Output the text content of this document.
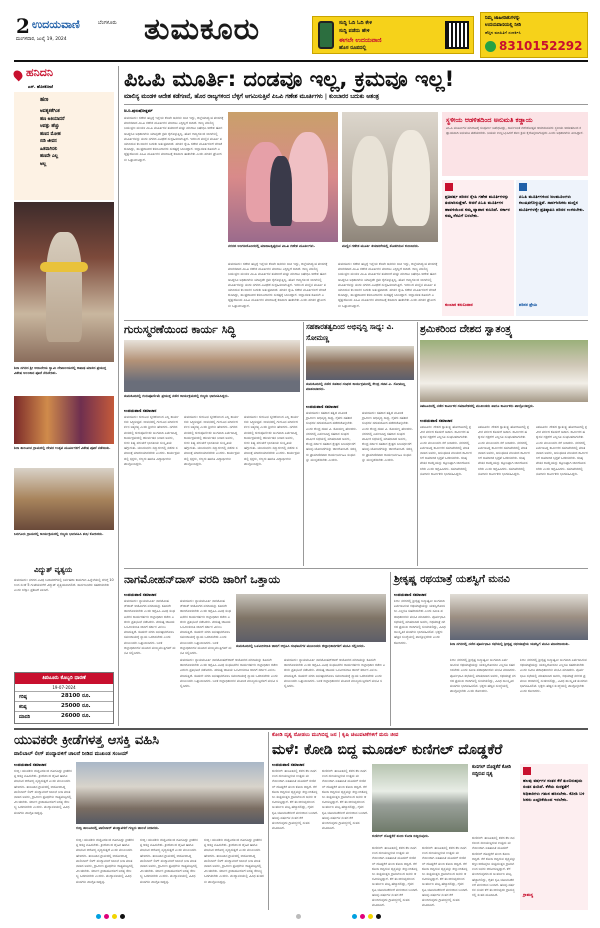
2 ಉದಯವಾಣಿ	ಬೆಂಗಳೂರು
ಮಂಗಳವಾರ, ಜುಲೈ 19, 2024	ತುಮಕೂರು	ಸುದ್ದಿ ಓದಿ ಓದಿ ಕೇಳಿ
ಸುದ್ದಿ ಪಡೆದು ಹೇಳಿ
ಈಗಲೇ ಉದಯವಾಣಿ
ಹೊಸ ರೂಪದಲ್ಲಿ
ನಿಮ್ಮ ಜಾಹೀರಾತುಗಳನ್ನು
ಉದಯವಾಣಿಯಲ್ಲಿ ನೀಡಿ
ಹೆಚ್ಚಿನ ಮಾಹಿತಿಗೆ ಸಂಪರ್ಕಿಸಿ
8310152292
ಹನಿದನಿ
ಎಸ್. ಹೊಸಕೋಟೆ
ಹಣ
ಅವಶ್ಯಕತೆಗಿಂತ
ಹಣ ಅತಿಯಾದರೆ
ಆಪತ್ತು ಹೆಚ್ಚು
ಹಣದ ಮೋಹ
ಬಿಡಿ ಜೀವನ
ಹಿತವಾಗಿರಲಿ
ಹಣವೇ ಎಲ್ಲ
ಅಲ್ಲ
ಶಿರಾ ನಗರದ ಶ್ರೀ ಆಂಜನೇಯ ಸ್ವಾಮಿ ದೇವಾಲಯದಲ್ಲಿ ಆಷಾಢ ಮಾಸದ ಪ್ರಯುಕ್ತ ವಿಶೇಷ ಅಲಂಕಾರ ಪೂಜೆ ನೆರವೇರಿತು.
ಶಿರಾ ತಾಲೂಕಿನ ಗ್ರಾಮದಲ್ಲಿ ದೇವರ ಉತ್ಸವ ಮೂರ್ತಿಗಳಿಗೆ ವಿಶೇಷ ಪೂಜೆ ನಡೆಯಿತು.
ಬರಗೂರು ಗ್ರಾಮದಲ್ಲಿ ಕಾರ್ಯಕ್ರಮದಲ್ಲಿ ಗಣ್ಯರು ಭಾಗವಹಿಸಿ ಶುಭ ಕೋರಿದರು.
ವಿದ್ಯುತ್ ವ್ಯತ್ಯಯ
ತುಮಕೂರು: ನಗರದ ವಿವಿಧ ಬಡಾವಣೆಗಳಲ್ಲಿ ನಿರ್ವಹಣಾ ಕಾಮಗಾರಿ ಹಿನ್ನೆಲೆಯಲ್ಲಿ ಬೆಳಗ್ಗೆ 10 ರಿಂದ ಸಂಜೆ 5 ಗಂಟೆಯವರೆಗೆ ವಿದ್ಯುತ್ ವ್ಯತ್ಯಯವಾಗಲಿದೆ. ಸಾರ್ವಜನಿಕರು ಸಹಕರಿಸಬೇಕು ಎಂದು ಬೆಸ್ಕಾಂ ಪ್ರಕಟಣೆ ತಿಳಿಸಿದೆ.
ತಿಪಟೂರು ಕೊಬ್ಬರಿ ಧಾರಣೆ
19-07-2024
ಗರಿಷ್ಠ	28100 ರೂ.
ಕನಿಷ್ಠ	25000 ರೂ.
ಮಾದರಿ	26000 ರೂ.
ಪಿಒಪಿ ಮೂರ್ತಿ: ದಂಡವೂ ಇಲ್ಲ, ಕ್ರಮವೂ ಇಲ್ಲ!
ಮಾಲಿನ್ಯ ಮಂಡಳಿ ಆದೇಶ ಕಡೆಗಣನೆ, ಹೊರ ರಾಜ್ಯಗಳಿಂದ ಬೆಳ್ಳಿಗೆ ಆಗಮಿಸುತ್ತಿವೆ ಪಿಒಪಿ ಗಣೇಶ ಮೂರ್ತಿಗಳು | ಕುಂಬಾರರ ಬದುಕು ಅತಂತ್ರ
ಚಿ.ನಿ.ಪುರುಷೋತ್ತಮ್
ತುಮಕೂರು: ಗಣೇಶ ಹಬ್ಬಕ್ಕೆ ಇನ್ನೇನು ಕೆಲವೇ ದಿನಗಳು ಬಾಕಿ ಇದ್ದು, ಜಿಲ್ಲೆಯಾದ್ಯಂತ ಪರಿಸರಕ್ಕೆ ಮಾರಕವಾದ ಪಿಒಪಿ ಗಣೇಶ ಮೂರ್ತಿಗಳ ಮಾರಾಟ ಎಗ್ಗಿಲ್ಲದೆ ಸಾಗಿದೆ. ರಾಜ್ಯ ಮಾಲಿನ್ಯ ನಿಯಂತ್ರಣ ಮಂಡಳಿ ಪಿಒಪಿ ಮೂರ್ತಿಗಳ ತಯಾರಿಕೆ ಮತ್ತು ಮಾರಾಟ ನಿಷೇಧಿಸಿ ಆದೇಶ ಹೊರಡಿಸಿದ್ದರೂ ಅಧಿಕಾರಿಗಳು ಯಾವುದೇ ಕ್ರಮ ಕೈಗೊಳ್ಳುತ್ತಿಲ್ಲ. ಹೊರ ರಾಜ್ಯಗಳಿಂದ ಲಾರಿಗಳಲ್ಲಿ ಮೂರ್ತಿಗಳನ್ನು ತಂದು ನಗರದ ವಿವಿಧೆಡೆ ಸಂಗ್ರಹಿಸಲಾಗುತ್ತಿದೆ. ಇದರಿಂದ ಮಣ್ಣಿನ ಮೂರ್ತಿ ತಯಾರಿಸುವ ಕುಂಬಾರರ ಬದುಕು ಅತಂತ್ರವಾಗಿದೆ. ಪರಿಸರ ಸ್ನೇಹಿ ಗಣೇಶ ಮೂರ್ತಿಗಳಿಗೆ ಬೇಡಿಕೆ ಕುಸಿದಿದ್ದು, ಸಾಂಪ್ರದಾಯಿಕ ಕಸುಬುದಾರರು ಸಂಕಷ್ಟಕ್ಕೆ ಸಿಲುಕಿದ್ದಾರೆ. ಜಿಲ್ಲಾಡಳಿತ ಕೂಡಲೇ ಎಚ್ಚೆತ್ತುಕೊಂಡು ಪಿಒಪಿ ಮೂರ್ತಿಗಳ ಮಾರಾಟಕ್ಕೆ ಕಡಿವಾಣ ಹಾಕಬೇಕು ಎಂದು ಪರಿಸರ ಪ್ರೇಮಿಗಳು ಒತ್ತಾಯಿಸಿದ್ದಾರೆ.
ನಗರದ ಅಂಗಡಿಯೊಂದರಲ್ಲಿ ಮಾರಾಟಕ್ಕಿಟ್ಟಿರುವ ಪಿಒಪಿ ಗಣೇಶ ಮೂರ್ತಿಗಳು.	ಮಣ್ಣಿನ ಗಣೇಶ ಮೂರ್ತಿ ತಯಾರಿಕೆಯಲ್ಲಿ ತೊಡಗಿರುವ ಕುಂಬಾರರು.
ತುಮಕೂರು: ಗಣೇಶ ಹಬ್ಬಕ್ಕೆ ಇನ್ನೇನು ಕೆಲವೇ ದಿನಗಳು ಬಾಕಿ ಇದ್ದು, ಜಿಲ್ಲೆಯಾದ್ಯಂತ ಪರಿಸರಕ್ಕೆ ಮಾರಕವಾದ ಪಿಒಪಿ ಗಣೇಶ ಮೂರ್ತಿಗಳ ಮಾರಾಟ ಎಗ್ಗಿಲ್ಲದೆ ಸಾಗಿದೆ. ರಾಜ್ಯ ಮಾಲಿನ್ಯ ನಿಯಂತ್ರಣ ಮಂಡಳಿ ಪಿಒಪಿ ಮೂರ್ತಿಗಳ ತಯಾರಿಕೆ ಮತ್ತು ಮಾರಾಟ ನಿಷೇಧಿಸಿ ಆದೇಶ ಹೊರಡಿಸಿದ್ದರೂ ಅಧಿಕಾರಿಗಳು ಯಾವುದೇ ಕ್ರಮ ಕೈಗೊಳ್ಳುತ್ತಿಲ್ಲ. ಹೊರ ರಾಜ್ಯಗಳಿಂದ ಲಾರಿಗಳಲ್ಲಿ ಮೂರ್ತಿಗಳನ್ನು ತಂದು ನಗರದ ವಿವಿಧೆಡೆ ಸಂಗ್ರಹಿಸಲಾಗುತ್ತಿದೆ. ಇದರಿಂದ ಮಣ್ಣಿನ ಮೂರ್ತಿ ತಯಾರಿಸುವ ಕುಂಬಾರರ ಬದುಕು ಅತಂತ್ರವಾಗಿದೆ. ಪರಿಸರ ಸ್ನೇಹಿ ಗಣೇಶ ಮೂರ್ತಿಗಳಿಗೆ ಬೇಡಿಕೆ ಕುಸಿದಿದ್ದು, ಸಾಂಪ್ರದಾಯಿಕ ಕಸುಬುದಾರರು ಸಂಕಷ್ಟಕ್ಕೆ ಸಿಲುಕಿದ್ದಾರೆ. ಜಿಲ್ಲಾಡಳಿತ ಕೂಡಲೇ ಎಚ್ಚೆತ್ತುಕೊಂಡು ಪಿಒಪಿ ಮೂರ್ತಿಗಳ ಮಾರಾಟಕ್ಕೆ ಕಡಿವಾಣ ಹಾಕಬೇಕು ಎಂದು ಪರಿಸರ ಪ್ರೇಮಿಗಳು ಒತ್ತಾಯಿಸಿದ್ದಾರೆ.
ತುಮಕೂರು: ಗಣೇಶ ಹಬ್ಬಕ್ಕೆ ಇನ್ನೇನು ಕೆಲವೇ ದಿನಗಳು ಬಾಕಿ ಇದ್ದು, ಜಿಲ್ಲೆಯಾದ್ಯಂತ ಪರಿಸರಕ್ಕೆ ಮಾರಕವಾದ ಪಿಒಪಿ ಗಣೇಶ ಮೂರ್ತಿಗಳ ಮಾರಾಟ ಎಗ್ಗಿಲ್ಲದೆ ಸಾಗಿದೆ. ರಾಜ್ಯ ಮಾಲಿನ್ಯ ನಿಯಂತ್ರಣ ಮಂಡಳಿ ಪಿಒಪಿ ಮೂರ್ತಿಗಳ ತಯಾರಿಕೆ ಮತ್ತು ಮಾರಾಟ ನಿಷೇಧಿಸಿ ಆದೇಶ ಹೊರಡಿಸಿದ್ದರೂ ಅಧಿಕಾರಿಗಳು ಯಾವುದೇ ಕ್ರಮ ಕೈಗೊಳ್ಳುತ್ತಿಲ್ಲ. ಹೊರ ರಾಜ್ಯಗಳಿಂದ ಲಾರಿಗಳಲ್ಲಿ ಮೂರ್ತಿಗಳನ್ನು ತಂದು ನಗರದ ವಿವಿಧೆಡೆ ಸಂಗ್ರಹಿಸಲಾಗುತ್ತಿದೆ. ಇದರಿಂದ ಮಣ್ಣಿನ ಮೂರ್ತಿ ತಯಾರಿಸುವ ಕುಂಬಾರರ ಬದುಕು ಅತಂತ್ರವಾಗಿದೆ. ಪರಿಸರ ಸ್ನೇಹಿ ಗಣೇಶ ಮೂರ್ತಿಗಳಿಗೆ ಬೇಡಿಕೆ ಕುಸಿದಿದ್ದು, ಸಾಂಪ್ರದಾಯಿಕ ಕಸುಬುದಾರರು ಸಂಕಷ್ಟಕ್ಕೆ ಸಿಲುಕಿದ್ದಾರೆ. ಜಿಲ್ಲಾಡಳಿತ ಕೂಡಲೇ ಎಚ್ಚೆತ್ತುಕೊಂಡು ಪಿಒಪಿ ಮೂರ್ತಿಗಳ ಮಾರಾಟಕ್ಕೆ ಕಡಿವಾಣ ಹಾಕಬೇಕು ಎಂದು ಪರಿಸರ ಪ್ರೇಮಿಗಳು ಒತ್ತಾಯಿಸಿದ್ದಾರೆ.
ಸ್ಥಳೀಯ ಆಡಳಿತದಿಂದ ಅನುಮತಿ ಕಡ್ಡಾಯ
ಪಿಒಪಿ ಮೂರ್ತಿಗಳ ಮಾರಾಟಕ್ಕೆ ಸಂಪೂರ್ಣ ನಿಷೇಧವಿದ್ದು, ಸಾರ್ವಜನಿಕ ಗಣೇಶೋತ್ಸವ ಆಚರಿಸುವವರು ಸ್ಥಳೀಯ ಆಡಳಿತದಿಂದ ಕಡ್ಡಾಯವಾಗಿ ಅನುಮತಿ ಪಡೆಯಬೇಕು. ನಿಯಮ ಉಲ್ಲಂಘಿಸಿದರೆ ಕಠಿಣ ಕ್ರಮ ಕೈಗೊಳ್ಳಲಾಗುವುದು ಎಂದು ಅಧಿಕಾರಿಗಳು ತಿಳಿಸಿದ್ದಾರೆ.
ಪ್ರತಿವರ್ಷ ಪರಿಸರ ಸ್ನೇಹಿ ಗಣೇಶ ಮೂರ್ತಿಗಳನ್ನು ತಯಾರಿಸುತ್ತೇವೆ. ಆದರೆ ಪಿಒಪಿ ಮೂರ್ತಿಗಳ ಹಾವಳಿಯಿಂದ ನಮ್ಮ ವ್ಯಾಪಾರ ಕುಸಿದಿದೆ. ಸರ್ಕಾರ ನಮ್ಮ ನೆರವಿಗೆ ಬರಬೇಕು.
ಕುಂಬಾರ ಕಸುಬುದಾರ
ಪಿಒಪಿ ಮೂರ್ತಿಗಳಿಂದ ಜಲಮೂಲಗಳು ಕಲುಷಿತಗೊಳ್ಳುತ್ತಿವೆ. ಸಾರ್ವಜನಿಕರು ಮಣ್ಣಿನ ಮೂರ್ತಿಗಳನ್ನೇ ಪ್ರತಿಷ್ಠಾಪಿಸಿ ಪರಿಸರ ಉಳಿಸಬೇಕು.
ಪರಿಸರ ಪ್ರೇಮಿ
ಗುರುಸ್ಮರಣೆಯಿಂದ ಕಾರ್ಯ ಸಿದ್ಧಿ
ತುಮಕೂರಿನಲ್ಲಿ ಗುರುಪೂರ್ಣಿಮೆ ಪ್ರಯುಕ್ತ ನಡೆದ ಕಾರ್ಯಕ್ರಮದಲ್ಲಿ ಗಣ್ಯರು ಭಾಗವಹಿಸಿದ್ದರು.
ಉದಯವಾಣಿ ಸಮಾಚಾರ
ತುಮಕೂರು: ಗುರುವಿನ ಸ್ಮರಣೆಯಿಂದ ಎಲ್ಲ ಕಾರ್ಯಗಳು ಸಿದ್ಧಿಸುತ್ತವೆ. ಜೀವನದಲ್ಲಿ ಗುರುವಿನ ಮಾರ್ಗದರ್ಶನ ಅತ್ಯಗತ್ಯ ಎಂದು ಶ್ರೀಗಳು ಹೇಳಿದರು. ನಗರದ ಮಠದಲ್ಲಿ ಗುರುಪೂರ್ಣಿಮೆ ಅಂಗವಾಗಿ ಏರ್ಪಡಿಸಿದ್ದ ಕಾರ್ಯಕ್ರಮದಲ್ಲಿ ಆಶೀರ್ವಚನ ನೀಡಿದ ಅವರು, ಗುರು ಶಿಷ್ಯ ಪರಂಪರೆ ಭಾರತೀಯ ಸಂಸ್ಕೃತಿಯ ಹೆಗ್ಗುರುತು. ಯುವಜನರು ಸನ್ಮಾರ್ಗದಲ್ಲಿ ನಡೆದು ಸಮಾಜಕ್ಕೆ ಮಾದರಿಯಾಗಬೇಕು ಎಂದರು. ಕಾರ್ಯಕ್ರಮದಲ್ಲಿ ಭಕ್ತರು, ಗಣ್ಯರು ಹಾಗೂ ವಿದ್ಯಾರ್ಥಿಗಳು ಪಾಲ್ಗೊಂಡಿದ್ದರು.
ತುಮಕೂರು: ಗುರುವಿನ ಸ್ಮರಣೆಯಿಂದ ಎಲ್ಲ ಕಾರ್ಯಗಳು ಸಿದ್ಧಿಸುತ್ತವೆ. ಜೀವನದಲ್ಲಿ ಗುರುವಿನ ಮಾರ್ಗದರ್ಶನ ಅತ್ಯಗತ್ಯ ಎಂದು ಶ್ರೀಗಳು ಹೇಳಿದರು. ನಗರದ ಮಠದಲ್ಲಿ ಗುರುಪೂರ್ಣಿಮೆ ಅಂಗವಾಗಿ ಏರ್ಪಡಿಸಿದ್ದ ಕಾರ್ಯಕ್ರಮದಲ್ಲಿ ಆಶೀರ್ವಚನ ನೀಡಿದ ಅವರು, ಗುರು ಶಿಷ್ಯ ಪರಂಪರೆ ಭಾರತೀಯ ಸಂಸ್ಕೃತಿಯ ಹೆಗ್ಗುರುತು. ಯುವಜನರು ಸನ್ಮಾರ್ಗದಲ್ಲಿ ನಡೆದು ಸಮಾಜಕ್ಕೆ ಮಾದರಿಯಾಗಬೇಕು ಎಂದರು. ಕಾರ್ಯಕ್ರಮದಲ್ಲಿ ಭಕ್ತರು, ಗಣ್ಯರು ಹಾಗೂ ವಿದ್ಯಾರ್ಥಿಗಳು ಪಾಲ್ಗೊಂಡಿದ್ದರು.
ತುಮಕೂರು: ಗುರುವಿನ ಸ್ಮರಣೆಯಿಂದ ಎಲ್ಲ ಕಾರ್ಯಗಳು ಸಿದ್ಧಿಸುತ್ತವೆ. ಜೀವನದಲ್ಲಿ ಗುರುವಿನ ಮಾರ್ಗದರ್ಶನ ಅತ್ಯಗತ್ಯ ಎಂದು ಶ್ರೀಗಳು ಹೇಳಿದರು. ನಗರದ ಮಠದಲ್ಲಿ ಗುರುಪೂರ್ಣಿಮೆ ಅಂಗವಾಗಿ ಏರ್ಪಡಿಸಿದ್ದ ಕಾರ್ಯಕ್ರಮದಲ್ಲಿ ಆಶೀರ್ವಚನ ನೀಡಿದ ಅವರು, ಗುರು ಶಿಷ್ಯ ಪರಂಪರೆ ಭಾರತೀಯ ಸಂಸ್ಕೃತಿಯ ಹೆಗ್ಗುರುತು. ಯುವಜನರು ಸನ್ಮಾರ್ಗದಲ್ಲಿ ನಡೆದು ಸಮಾಜಕ್ಕೆ ಮಾದರಿಯಾಗಬೇಕು ಎಂದರು. ಕಾರ್ಯಕ್ರಮದಲ್ಲಿ ಭಕ್ತರು, ಗಣ್ಯರು ಹಾಗೂ ವಿದ್ಯಾರ್ಥಿಗಳು ಪಾಲ್ಗೊಂಡಿದ್ದರು.
ಸಹಕಾರತತ್ವದಿಂದ ಅಭಿವೃದ್ಧಿ ಸಾಧ್ಯ: ವಿ. ಸೋಮಣ್ಣ
ತುಮಕೂರಿನಲ್ಲಿ ನಡೆದ ಸಹಕಾರ ಸಂಘದ ಕಾರ್ಯಕ್ರಮದಲ್ಲಿ ಕೇಂದ್ರ ಸಚಿವ ವಿ. ಸೋಮಣ್ಣ ಮಾತನಾಡಿದರು.
ಉದಯವಾಣಿ ಸಮಾಚಾರ
ತುಮಕೂರು: ಸಹಕಾರ ತತ್ವದ ಮೂಲಕ ಗ್ರಾಮೀಣ ಅಭಿವೃದ್ಧಿ ಸಾಧ್ಯ. ರೈತರು ಸಹಕಾರ ಸಂಘಗಳ ಸದುಪಯೋಗ ಪಡೆದುಕೊಳ್ಳಬೇಕು ಎಂದು ಕೇಂದ್ರ ಸಚಿವ ವಿ. ಸೋಮಣ್ಣ ಹೇಳಿದರು. ನಗರದಲ್ಲಿ ಏರ್ಪಡಿಸಿದ್ದ ಸಹಕಾರ ಸಂಘದ ವಾರ್ಷಿಕ ಸಭೆಯಲ್ಲಿ ಮಾತನಾಡಿದ ಅವರು, ಕೇಂದ್ರ ಸರ್ಕಾರ ಸಹಕಾರ ಕ್ಷೇತ್ರದ ಬಲವರ್ಧನೆಗೆ ಹಲವು ಯೋಜನೆಗಳನ್ನು ಜಾರಿಗೊಳಿಸಿದೆ. ಸದಸ್ಯರು ಪ್ರಾಮಾಣಿಕವಾಗಿ ಕಾರ್ಯನಿರ್ವಹಿಸಿ ಸಂಘವನ್ನು ಮುನ್ನಡೆಸಬೇಕು ಎಂದರು.
ತುಮಕೂರು: ಸಹಕಾರ ತತ್ವದ ಮೂಲಕ ಗ್ರಾಮೀಣ ಅಭಿವೃದ್ಧಿ ಸಾಧ್ಯ. ರೈತರು ಸಹಕಾರ ಸಂಘಗಳ ಸದುಪಯೋಗ ಪಡೆದುಕೊಳ್ಳಬೇಕು ಎಂದು ಕೇಂದ್ರ ಸಚಿವ ವಿ. ಸೋಮಣ್ಣ ಹೇಳಿದರು. ನಗರದಲ್ಲಿ ಏರ್ಪಡಿಸಿದ್ದ ಸಹಕಾರ ಸಂಘದ ವಾರ್ಷಿಕ ಸಭೆಯಲ್ಲಿ ಮಾತನಾಡಿದ ಅವರು, ಕೇಂದ್ರ ಸರ್ಕಾರ ಸಹಕಾರ ಕ್ಷೇತ್ರದ ಬಲವರ್ಧನೆಗೆ ಹಲವು ಯೋಜನೆಗಳನ್ನು ಜಾರಿಗೊಳಿಸಿದೆ. ಸದಸ್ಯರು ಪ್ರಾಮಾಣಿಕವಾಗಿ ಕಾರ್ಯನಿರ್ವಹಿಸಿ ಸಂಘವನ್ನು ಮುನ್ನಡೆಸಬೇಕು ಎಂದರು.
ಶ್ರಮಿಕರಿಂದ ದೇಶದ ಸ್ವಾತಂತ್ರ್ಯ
ತಿಪಟೂರಿನಲ್ಲಿ ನಡೆದ ಕಾರ್ಮಿಕರ ಸಮಾವೇಶದಲ್ಲಿ ಮುಖಂಡರು ಹಾಗೂ ಕಾರ್ಮಿಕರು ಪಾಲ್ಗೊಂಡಿದ್ದರು.
ಉದಯವಾಣಿ ಸಮಾಚಾರ
ತಿಪಟೂರು: ದೇಶದ ಸ್ವಾತಂತ್ರ್ಯ ಹೋರಾಟದಲ್ಲಿ ಶ್ರಮಿಕ ವರ್ಗದ ಕೊಡುಗೆ ಅಪಾರ. ಕಾರ್ಮಿಕರ ಹಕ್ಕುಗಳ ರಕ್ಷಣೆಗೆ ಎಲ್ಲರೂ ಸಂಘಟಿತರಾಗಬೇಕು ಎಂದು ಮುಖಂಡರು ಕರೆ ನೀಡಿದರು. ನಗರದಲ್ಲಿ ಏರ್ಪಡಿಸಿದ್ದ ಕಾರ್ಮಿಕರ ಸಮಾವೇಶದಲ್ಲಿ ಮಾತನಾಡಿದ ಅವರು, ಅಸಂಘಟಿತ ವಲಯದ ಕಾರ್ಮಿಕರಿಗೆ ಸಾಮಾಜಿಕ ಭದ್ರತೆ ಒದಗಿಸಬೇಕು. ಕನಿಷ್ಠ ವೇತನ ಕಾಯ್ದೆಯನ್ನು ಕಟ್ಟುನಿಟ್ಟಾಗಿ ಜಾರಿಗೊಳಿಸಬೇಕು ಎಂದು ಆಗ್ರಹಿಸಿದರು. ಸಮಾವೇಶದಲ್ಲಿ ನೂರಾರು ಕಾರ್ಮಿಕರು ಭಾಗವಹಿಸಿದ್ದರು.
ತಿಪಟೂರು: ದೇಶದ ಸ್ವಾತಂತ್ರ್ಯ ಹೋರಾಟದಲ್ಲಿ ಶ್ರಮಿಕ ವರ್ಗದ ಕೊಡುಗೆ ಅಪಾರ. ಕಾರ್ಮಿಕರ ಹಕ್ಕುಗಳ ರಕ್ಷಣೆಗೆ ಎಲ್ಲರೂ ಸಂಘಟಿತರಾಗಬೇಕು ಎಂದು ಮುಖಂಡರು ಕರೆ ನೀಡಿದರು. ನಗರದಲ್ಲಿ ಏರ್ಪಡಿಸಿದ್ದ ಕಾರ್ಮಿಕರ ಸಮಾವೇಶದಲ್ಲಿ ಮಾತನಾಡಿದ ಅವರು, ಅಸಂಘಟಿತ ವಲಯದ ಕಾರ್ಮಿಕರಿಗೆ ಸಾಮಾಜಿಕ ಭದ್ರತೆ ಒದಗಿಸಬೇಕು. ಕನಿಷ್ಠ ವೇತನ ಕಾಯ್ದೆಯನ್ನು ಕಟ್ಟುನಿಟ್ಟಾಗಿ ಜಾರಿಗೊಳಿಸಬೇಕು ಎಂದು ಆಗ್ರಹಿಸಿದರು. ಸಮಾವೇಶದಲ್ಲಿ ನೂರಾರು ಕಾರ್ಮಿಕರು ಭಾಗವಹಿಸಿದ್ದರು.
ತಿಪಟೂರು: ದೇಶದ ಸ್ವಾತಂತ್ರ್ಯ ಹೋರಾಟದಲ್ಲಿ ಶ್ರಮಿಕ ವರ್ಗದ ಕೊಡುಗೆ ಅಪಾರ. ಕಾರ್ಮಿಕರ ಹಕ್ಕುಗಳ ರಕ್ಷಣೆಗೆ ಎಲ್ಲರೂ ಸಂಘಟಿತರಾಗಬೇಕು ಎಂದು ಮುಖಂಡರು ಕರೆ ನೀಡಿದರು. ನಗರದಲ್ಲಿ ಏರ್ಪಡಿಸಿದ್ದ ಕಾರ್ಮಿಕರ ಸಮಾವೇಶದಲ್ಲಿ ಮಾತನಾಡಿದ ಅವರು, ಅಸಂಘಟಿತ ವಲಯದ ಕಾರ್ಮಿಕರಿಗೆ ಸಾಮಾಜಿಕ ಭದ್ರತೆ ಒದಗಿಸಬೇಕು. ಕನಿಷ್ಠ ವೇತನ ಕಾಯ್ದೆಯನ್ನು ಕಟ್ಟುನಿಟ್ಟಾಗಿ ಜಾರಿಗೊಳಿಸಬೇಕು ಎಂದು ಆಗ್ರಹಿಸಿದರು. ಸಮಾವೇಶದಲ್ಲಿ ನೂರಾರು ಕಾರ್ಮಿಕರು ಭಾಗವಹಿಸಿದ್ದರು.
ನಾಗಮೋಹನ್‌ದಾಸ್ ವರದಿ ಜಾರಿಗೆ ಒತ್ತಾಯ
ಉದಯವಾಣಿ ಸಮಾಚಾರ
ತುಮಕೂರು: ನ್ಯಾಯಮೂರ್ತಿ ನಾಗಮೋಹನ್‌ದಾಸ್ ಆಯೋಗದ ವರದಿಯನ್ನು ಕೂಡಲೇ ಜಾರಿಗೊಳಿಸಬೇಕು ಎಂದು ಆಗ್ರಹಿಸಿ ವಿವಿಧ ಸಂಘಟನೆಗಳ ಕಾರ್ಯಕರ್ತರು ಜಿಲ್ಲಾಧಿಕಾರಿ ಕಚೇರಿ ಎದುರು ಪ್ರತಿಭಟನೆ ನಡೆಸಿದರು. ಪರಿಶಿಷ್ಟ ಜಾತಿಯ ಒಳಮೀಸಲಾತಿ ಜಾರಿಗೆ ಸರ್ಕಾರ ವಿಳಂಬ ಮಾಡುತ್ತಿದೆ. ಕೂಡಲೇ ವರದಿ ಅನುಷ್ಠಾನಗೊಳಿಸಿ ಸಮುದಾಯಕ್ಕೆ ನ್ಯಾಯ ಒದಗಿಸಬೇಕು ಎಂದು ಮುಖಂಡರು ಒತ್ತಾಯಿಸಿದರು. ಬಳಿಕ ಜಿಲ್ಲಾಧಿಕಾರಿಗಳ ಮೂಲಕ ಮುಖ್ಯಮಂತ್ರಿಗಳಿಗೆ ಮನವಿ ಸಲ್ಲಿಸಿದರು.
ತುಮಕೂರು: ನ್ಯಾಯಮೂರ್ತಿ ನಾಗಮೋಹನ್‌ದಾಸ್ ಆಯೋಗದ ವರದಿಯನ್ನು ಕೂಡಲೇ ಜಾರಿಗೊಳಿಸಬೇಕು ಎಂದು ಆಗ್ರಹಿಸಿ ವಿವಿಧ ಸಂಘಟನೆಗಳ ಕಾರ್ಯಕರ್ತರು ಜಿಲ್ಲಾಧಿಕಾರಿ ಕಚೇರಿ ಎದುರು ಪ್ರತಿಭಟನೆ ನಡೆಸಿದರು. ಪರಿಶಿಷ್ಟ ಜಾತಿಯ ಒಳಮೀಸಲಾತಿ ಜಾರಿಗೆ ಸರ್ಕಾರ ವಿಳಂಬ ಮಾಡುತ್ತಿದೆ. ಕೂಡಲೇ ವರದಿ ಅನುಷ್ಠಾನಗೊಳಿಸಿ ಸಮುದಾಯಕ್ಕೆ ನ್ಯಾಯ ಒದಗಿಸಬೇಕು ಎಂದು ಮುಖಂಡರು ಒತ್ತಾಯಿಸಿದರು. ಬಳಿಕ ಜಿಲ್ಲಾಧಿಕಾರಿಗಳ ಮೂಲಕ ಮುಖ್ಯಮಂತ್ರಿಗಳಿಗೆ ಮನವಿ ಸಲ್ಲಿಸಿದರು.
ತುಮಕೂರಿನಲ್ಲಿ ಒಳಮೀಸಲಾತಿ ಜಾರಿಗೆ ಆಗ್ರಹಿಸಿ ಸಂಘಟನೆಗಳ ಮುಖಂಡರು ಜಿಲ್ಲಾಧಿಕಾರಿಗಳಿಗೆ ಮನವಿ ಸಲ್ಲಿಸಿದರು.
ತುಮಕೂರು: ನ್ಯಾಯಮೂರ್ತಿ ನಾಗಮೋಹನ್‌ದಾಸ್ ಆಯೋಗದ ವರದಿಯನ್ನು ಕೂಡಲೇ ಜಾರಿಗೊಳಿಸಬೇಕು ಎಂದು ಆಗ್ರಹಿಸಿ ವಿವಿಧ ಸಂಘಟನೆಗಳ ಕಾರ್ಯಕರ್ತರು ಜಿಲ್ಲಾಧಿಕಾರಿ ಕಚೇರಿ ಎದುರು ಪ್ರತಿಭಟನೆ ನಡೆಸಿದರು. ಪರಿಶಿಷ್ಟ ಜಾತಿಯ ಒಳಮೀಸಲಾತಿ ಜಾರಿಗೆ ಸರ್ಕಾರ ವಿಳಂಬ ಮಾಡುತ್ತಿದೆ. ಕೂಡಲೇ ವರದಿ ಅನುಷ್ಠಾನಗೊಳಿಸಿ ಸಮುದಾಯಕ್ಕೆ ನ್ಯಾಯ ಒದಗಿಸಬೇಕು ಎಂದು ಮುಖಂಡರು ಒತ್ತಾಯಿಸಿದರು. ಬಳಿಕ ಜಿಲ್ಲಾಧಿಕಾರಿಗಳ ಮೂಲಕ ಮುಖ್ಯಮಂತ್ರಿಗಳಿಗೆ ಮನವಿ ಸಲ್ಲಿಸಿದರು.
ತುಮಕೂರು: ನ್ಯಾಯಮೂರ್ತಿ ನಾಗಮೋಹನ್‌ದಾಸ್ ಆಯೋಗದ ವರದಿಯನ್ನು ಕೂಡಲೇ ಜಾರಿಗೊಳಿಸಬೇಕು ಎಂದು ಆಗ್ರಹಿಸಿ ವಿವಿಧ ಸಂಘಟನೆಗಳ ಕಾರ್ಯಕರ್ತರು ಜಿಲ್ಲಾಧಿಕಾರಿ ಕಚೇರಿ ಎದುರು ಪ್ರತಿಭಟನೆ ನಡೆಸಿದರು. ಪರಿಶಿಷ್ಟ ಜಾತಿಯ ಒಳಮೀಸಲಾತಿ ಜಾರಿಗೆ ಸರ್ಕಾರ ವಿಳಂಬ ಮಾಡುತ್ತಿದೆ. ಕೂಡಲೇ ವರದಿ ಅನುಷ್ಠಾನಗೊಳಿಸಿ ಸಮುದಾಯಕ್ಕೆ ನ್ಯಾಯ ಒದಗಿಸಬೇಕು ಎಂದು ಮುಖಂಡರು ಒತ್ತಾಯಿಸಿದರು. ಬಳಿಕ ಜಿಲ್ಲಾಧಿಕಾರಿಗಳ ಮೂಲಕ ಮುಖ್ಯಮಂತ್ರಿಗಳಿಗೆ ಮನವಿ ಸಲ್ಲಿಸಿದರು.
ಶ್ರೀಕೃಷ್ಣ ರಥಯಾತ್ರೆ ಯಶಸ್ವಿಗೆ ಮನವಿ
ಉದಯವಾಣಿ ಸಮಾಚಾರ
ಶಿರಾ: ನಗರದಲ್ಲಿ ಶ್ರೀಕೃಷ್ಣ ಜನ್ಮಾಷ್ಟಮಿ ಅಂಗವಾಗಿ ಏರ್ಪಡಿಸಿರುವ ರಥಯಾತ್ರೆಯನ್ನು ಯಶಸ್ವಿಗೊಳಿಸಲು ಎಲ್ಲರೂ ಸಹಕರಿಸಬೇಕು ಎಂದು ಸಮಿತಿ ಪದಾಧಿಕಾರಿಗಳು ಮನವಿ ಮಾಡಿದರು. ಪೂರ್ವಭಾವಿ ಸಭೆಯಲ್ಲಿ ಮಾತನಾಡಿದ ಅವರು, ರಥಯಾತ್ರೆ ನಗರದ ಪ್ರಮುಖ ಬೀದಿಗಳಲ್ಲಿ ಸಂಚರಿಸಲಿದ್ದು, ವಿವಿಧ ಸಾಂಸ್ಕೃತಿಕ ತಂಡಗಳು ಭಾಗವಹಿಸಲಿವೆ. ಭಕ್ತರು ಹೆಚ್ಚಿನ ಸಂಖ್ಯೆಯಲ್ಲಿ ಪಾಲ್ಗೊಳ್ಳಬೇಕು ಎಂದು ಕೋರಿದರು.	ಶಿರಾ ನಗರದಲ್ಲಿ ನಡೆದ ಪೂರ್ವಭಾವಿ ಸಭೆಯಲ್ಲಿ ಶ್ರೀಕೃಷ್ಣ ರಥಯಾತ್ರೆಯ ಯಶಸ್ವಿಗೆ ಮನವಿ ಮಾಡಲಾಯಿತು.
ಶಿರಾ: ನಗರದಲ್ಲಿ ಶ್ರೀಕೃಷ್ಣ ಜನ್ಮಾಷ್ಟಮಿ ಅಂಗವಾಗಿ ಏರ್ಪಡಿಸಿರುವ ರಥಯಾತ್ರೆಯನ್ನು ಯಶಸ್ವಿಗೊಳಿಸಲು ಎಲ್ಲರೂ ಸಹಕರಿಸಬೇಕು ಎಂದು ಸಮಿತಿ ಪದಾಧಿಕಾರಿಗಳು ಮನವಿ ಮಾಡಿದರು. ಪೂರ್ವಭಾವಿ ಸಭೆಯಲ್ಲಿ ಮಾತನಾಡಿದ ಅವರು, ರಥಯಾತ್ರೆ ನಗರದ ಪ್ರಮುಖ ಬೀದಿಗಳಲ್ಲಿ ಸಂಚರಿಸಲಿದ್ದು, ವಿವಿಧ ಸಾಂಸ್ಕೃತಿಕ ತಂಡಗಳು ಭಾಗವಹಿಸಲಿವೆ. ಭಕ್ತರು ಹೆಚ್ಚಿನ ಸಂಖ್ಯೆಯಲ್ಲಿ ಪಾಲ್ಗೊಳ್ಳಬೇಕು ಎಂದು ಕೋರಿದರು.
ಶಿರಾ: ನಗರದಲ್ಲಿ ಶ್ರೀಕೃಷ್ಣ ಜನ್ಮಾಷ್ಟಮಿ ಅಂಗವಾಗಿ ಏರ್ಪಡಿಸಿರುವ ರಥಯಾತ್ರೆಯನ್ನು ಯಶಸ್ವಿಗೊಳಿಸಲು ಎಲ್ಲರೂ ಸಹಕರಿಸಬೇಕು ಎಂದು ಸಮಿತಿ ಪದಾಧಿಕಾರಿಗಳು ಮನವಿ ಮಾಡಿದರು. ಪೂರ್ವಭಾವಿ ಸಭೆಯಲ್ಲಿ ಮಾತನಾಡಿದ ಅವರು, ರಥಯಾತ್ರೆ ನಗರದ ಪ್ರಮುಖ ಬೀದಿಗಳಲ್ಲಿ ಸಂಚರಿಸಲಿದ್ದು, ವಿವಿಧ ಸಾಂಸ್ಕೃತಿಕ ತಂಡಗಳು ಭಾಗವಹಿಸಲಿವೆ. ಭಕ್ತರು ಹೆಚ್ಚಿನ ಸಂಖ್ಯೆಯಲ್ಲಿ ಪಾಲ್ಗೊಳ್ಳಬೇಕು ಎಂದು ಕೋರಿದರು.
ಯುವಕರೇ ಕ್ರೀಡೆಗಳತ್ತ ಆಸಕ್ತಿ ವಹಿಸಿ
ವಾಲಿಬಾಲ್ ಲೀಗ್ ಪಂದ್ಯಾವಳಿಗೆ ಚಾಲನೆ ನೀಡಿದ ಮುಖಂಡ ಸಂಜಯ್
ಉದಯವಾಣಿ ಸಮಾಚಾರ
ಗುಬ್ಬಿ: ಯುವಕರು ದುಶ್ಚಟಗಳಿಂದ ದೂರವಿದ್ದು ಕ್ರೀಡೆಗಳತ್ತ ಆಸಕ್ತಿ ವಹಿಸಬೇಕು. ಕ್ರೀಡೆಯಿಂದ ದೈಹಿಕ ಹಾಗೂ ಮಾನಸಿಕ ಆರೋಗ್ಯ ವೃದ್ಧಿಸುತ್ತದೆ ಎಂದು ಮುಖಂಡರು ಹೇಳಿದರು. ತಾಲೂಕಿನ ಗ್ರಾಮದಲ್ಲಿ ಆಯೋಜಿಸಿದ್ದ ವಾಲಿಬಾಲ್ ಲೀಗ್ ಪಂದ್ಯಾವಳಿಗೆ ಚಾಲನೆ ನೀಡಿ ಮಾತನಾಡಿದ ಅವರು, ಗ್ರಾಮೀಣ ಪ್ರತಿಭೆಗಳು ರಾಷ್ಟ್ರಮಟ್ಟದಲ್ಲಿ ಮಿಂಚಬೇಕು. ಸರ್ಕಾರ ಕ್ರೀಡಾಪಟುಗಳಿಗೆ ಅಗತ್ಯ ಸೌಲಭ್ಯ ಒದಗಿಸಬೇಕು ಎಂದರು. ಪಂದ್ಯಾವಳಿಯಲ್ಲಿ ವಿವಿಧ ತಂಡಗಳು ಪಾಲ್ಗೊಂಡಿದ್ದವು.
ಗುಬ್ಬಿ ತಾಲೂಕಿನಲ್ಲಿ ವಾಲಿಬಾಲ್ ಪಂದ್ಯಾವಳಿಗೆ ಗಣ್ಯರು ಚಾಲನೆ ನೀಡಿದರು.
ಗುಬ್ಬಿ: ಯುವಕರು ದುಶ್ಚಟಗಳಿಂದ ದೂರವಿದ್ದು ಕ್ರೀಡೆಗಳತ್ತ ಆಸಕ್ತಿ ವಹಿಸಬೇಕು. ಕ್ರೀಡೆಯಿಂದ ದೈಹಿಕ ಹಾಗೂ ಮಾನಸಿಕ ಆರೋಗ್ಯ ವೃದ್ಧಿಸುತ್ತದೆ ಎಂದು ಮುಖಂಡರು ಹೇಳಿದರು. ತಾಲೂಕಿನ ಗ್ರಾಮದಲ್ಲಿ ಆಯೋಜಿಸಿದ್ದ ವಾಲಿಬಾಲ್ ಲೀಗ್ ಪಂದ್ಯಾವಳಿಗೆ ಚಾಲನೆ ನೀಡಿ ಮಾತನಾಡಿದ ಅವರು, ಗ್ರಾಮೀಣ ಪ್ರತಿಭೆಗಳು ರಾಷ್ಟ್ರಮಟ್ಟದಲ್ಲಿ ಮಿಂಚಬೇಕು. ಸರ್ಕಾರ ಕ್ರೀಡಾಪಟುಗಳಿಗೆ ಅಗತ್ಯ ಸೌಲಭ್ಯ ಒದಗಿಸಬೇಕು ಎಂದರು. ಪಂದ್ಯಾವಳಿಯಲ್ಲಿ ವಿವಿಧ ತಂಡಗಳು ಪಾಲ್ಗೊಂಡಿದ್ದವು.
ಗುಬ್ಬಿ: ಯುವಕರು ದುಶ್ಚಟಗಳಿಂದ ದೂರವಿದ್ದು ಕ್ರೀಡೆಗಳತ್ತ ಆಸಕ್ತಿ ವಹಿಸಬೇಕು. ಕ್ರೀಡೆಯಿಂದ ದೈಹಿಕ ಹಾಗೂ ಮಾನಸಿಕ ಆರೋಗ್ಯ ವೃದ್ಧಿಸುತ್ತದೆ ಎಂದು ಮುಖಂಡರು ಹೇಳಿದರು. ತಾಲೂಕಿನ ಗ್ರಾಮದಲ್ಲಿ ಆಯೋಜಿಸಿದ್ದ ವಾಲಿಬಾಲ್ ಲೀಗ್ ಪಂದ್ಯಾವಳಿಗೆ ಚಾಲನೆ ನೀಡಿ ಮಾತನಾಡಿದ ಅವರು, ಗ್ರಾಮೀಣ ಪ್ರತಿಭೆಗಳು ರಾಷ್ಟ್ರಮಟ್ಟದಲ್ಲಿ ಮಿಂಚಬೇಕು. ಸರ್ಕಾರ ಕ್ರೀಡಾಪಟುಗಳಿಗೆ ಅಗತ್ಯ ಸೌಲಭ್ಯ ಒದಗಿಸಬೇಕು ಎಂದರು. ಪಂದ್ಯಾವಳಿಯಲ್ಲಿ ವಿವಿಧ ತಂಡಗಳು ಪಾಲ್ಗೊಂಡಿದ್ದವು.
ಗುಬ್ಬಿ: ಯುವಕರು ದುಶ್ಚಟಗಳಿಂದ ದೂರವಿದ್ದು ಕ್ರೀಡೆಗಳತ್ತ ಆಸಕ್ತಿ ವಹಿಸಬೇಕು. ಕ್ರೀಡೆಯಿಂದ ದೈಹಿಕ ಹಾಗೂ ಮಾನಸಿಕ ಆರೋಗ್ಯ ವೃದ್ಧಿಸುತ್ತದೆ ಎಂದು ಮುಖಂಡರು ಹೇಳಿದರು. ತಾಲೂಕಿನ ಗ್ರಾಮದಲ್ಲಿ ಆಯೋಜಿಸಿದ್ದ ವಾಲಿಬಾಲ್ ಲೀಗ್ ಪಂದ್ಯಾವಳಿಗೆ ಚಾಲನೆ ನೀಡಿ ಮಾತನಾಡಿದ ಅವರು, ಗ್ರಾಮೀಣ ಪ್ರತಿಭೆಗಳು ರಾಷ್ಟ್ರಮಟ್ಟದಲ್ಲಿ ಮಿಂಚಬೇಕು. ಸರ್ಕಾರ ಕ್ರೀಡಾಪಟುಗಳಿಗೆ ಅಗತ್ಯ ಸೌಲಭ್ಯ ಒದಗಿಸಬೇಕು ಎಂದರು. ಪಂದ್ಯಾವಳಿಯಲ್ಲಿ ವಿವಿಧ ತಂಡಗಳು ಪಾಲ್ಗೊಂಡಿದ್ದವು.
ಕೋಡಿ ದೃಶ್ಯ ನೋಡಲು ಮುಗಿಬಿದ್ದ ಜನ | ಕೃಷಿ ಚಟುವಟಿಕೆಗಳಿಗೆ ಮರು ಜೀವ
ಮಳೆ: ಕೋಡಿ ಬಿದ್ದ ಮೂಡಲ್ ಕುಣಿಗಲ್ ದೊಡ್ಡಕೆರೆ
ಉದಯವಾಣಿ ಸಮಾಚಾರ
ಕುಣಿಗಲ್: ತಾಲೂಕಿನಲ್ಲಿ ಕಳೆದ ಕೆಲ ದಿನಗಳಿಂದ ಸುರಿಯುತ್ತಿರುವ ಉತ್ತಮ ಮಳೆಯಿಂದಾಗಿ ಐತಿಹಾಸಿಕ ಮೂಡಲ್ ಕುಣಿಗಲ್ ದೊಡ್ಡಕೆರೆ ತುಂಬಿ ಕೋಡಿ ಬಿದ್ದಿದೆ. ಕೆರೆ ಕೋಡಿ ಬಿದ್ದಿರುವ ದೃಶ್ಯವನ್ನು ಕಣ್ತುಂಬಿಕೊಳ್ಳಲು ಸುತ್ತಮುತ್ತಲ ಗ್ರಾಮಗಳಿಂದ ಜನರು ಆಗಮಿಸುತ್ತಿದ್ದಾರೆ. ಕೆರೆ ತುಂಬಿರುವುದರಿಂದ ಅಂತರ್ಜಲ ಮಟ್ಟ ಹೆಚ್ಚಾಗಲಿದ್ದು, ರೈತರ ಕೃಷಿ ಚಟುವಟಿಕೆಗಳಿಗೆ ಮರುಜೀವ ಬಂದಿದೆ. ಹಲವು ವರ್ಷಗಳ ನಂತರ ಕೆರೆ ತುಂಬಿರುವುದು ಗ್ರಾಮಸ್ಥರಲ್ಲಿ ಸಂತಸ ಮೂಡಿಸಿದೆ.
ಕುಣಿಗಲ್: ತಾಲೂಕಿನಲ್ಲಿ ಕಳೆದ ಕೆಲ ದಿನಗಳಿಂದ ಸುರಿಯುತ್ತಿರುವ ಉತ್ತಮ ಮಳೆಯಿಂದಾಗಿ ಐತಿಹಾಸಿಕ ಮೂಡಲ್ ಕುಣಿಗಲ್ ದೊಡ್ಡಕೆರೆ ತುಂಬಿ ಕೋಡಿ ಬಿದ್ದಿದೆ. ಕೆರೆ ಕೋಡಿ ಬಿದ್ದಿರುವ ದೃಶ್ಯವನ್ನು ಕಣ್ತುಂಬಿಕೊಳ್ಳಲು ಸುತ್ತಮುತ್ತಲ ಗ್ರಾಮಗಳಿಂದ ಜನರು ಆಗಮಿಸುತ್ತಿದ್ದಾರೆ. ಕೆರೆ ತುಂಬಿರುವುದರಿಂದ ಅಂತರ್ಜಲ ಮಟ್ಟ ಹೆಚ್ಚಾಗಲಿದ್ದು, ರೈತರ ಕೃಷಿ ಚಟುವಟಿಕೆಗಳಿಗೆ ಮರುಜೀವ ಬಂದಿದೆ. ಹಲವು ವರ್ಷಗಳ ನಂತರ ಕೆರೆ ತುಂಬಿರುವುದು ಗ್ರಾಮಸ್ಥರಲ್ಲಿ ಸಂತಸ ಮೂಡಿಸಿದೆ.
ಕುಣಿಗಲ್ ದೊಡ್ಡಕೆರೆ ತುಂಬಿ ಕೋಡಿ ಬಿದ್ದಿರುವುದು.
ಕುಣಿಗಲ್: ತಾಲೂಕಿನಲ್ಲಿ ಕಳೆದ ಕೆಲ ದಿನಗಳಿಂದ ಸುರಿಯುತ್ತಿರುವ ಉತ್ತಮ ಮಳೆಯಿಂದಾಗಿ ಐತಿಹಾಸಿಕ ಮೂಡಲ್ ಕುಣಿಗಲ್ ದೊಡ್ಡಕೆರೆ ತುಂಬಿ ಕೋಡಿ ಬಿದ್ದಿದೆ. ಕೆರೆ ಕೋಡಿ ಬಿದ್ದಿರುವ ದೃಶ್ಯವನ್ನು ಕಣ್ತುಂಬಿಕೊಳ್ಳಲು ಸುತ್ತಮುತ್ತಲ ಗ್ರಾಮಗಳಿಂದ ಜನರು ಆಗಮಿಸುತ್ತಿದ್ದಾರೆ. ಕೆರೆ ತುಂಬಿರುವುದರಿಂದ ಅಂತರ್ಜಲ ಮಟ್ಟ ಹೆಚ್ಚಾಗಲಿದ್ದು, ರೈತರ ಕೃಷಿ ಚಟುವಟಿಕೆಗಳಿಗೆ ಮರುಜೀವ ಬಂದಿದೆ. ಹಲವು ವರ್ಷಗಳ ನಂತರ ಕೆರೆ ತುಂಬಿರುವುದು ಗ್ರಾಮಸ್ಥರಲ್ಲಿ ಸಂತಸ ಮೂಡಿಸಿದೆ.
ಕುಣಿಗಲ್: ತಾಲೂಕಿನಲ್ಲಿ ಕಳೆದ ಕೆಲ ದಿನಗಳಿಂದ ಸುರಿಯುತ್ತಿರುವ ಉತ್ತಮ ಮಳೆಯಿಂದಾಗಿ ಐತಿಹಾಸಿಕ ಮೂಡಲ್ ಕುಣಿಗಲ್ ದೊಡ್ಡಕೆರೆ ತುಂಬಿ ಕೋಡಿ ಬಿದ್ದಿದೆ. ಕೆರೆ ಕೋಡಿ ಬಿದ್ದಿರುವ ದೃಶ್ಯವನ್ನು ಕಣ್ತುಂಬಿಕೊಳ್ಳಲು ಸುತ್ತಮುತ್ತಲ ಗ್ರಾಮಗಳಿಂದ ಜನರು ಆಗಮಿಸುತ್ತಿದ್ದಾರೆ. ಕೆರೆ ತುಂಬಿರುವುದರಿಂದ ಅಂತರ್ಜಲ ಮಟ್ಟ ಹೆಚ್ಚಾಗಲಿದ್ದು, ರೈತರ ಕೃಷಿ ಚಟುವಟಿಕೆಗಳಿಗೆ ಮರುಜೀವ ಬಂದಿದೆ. ಹಲವು ವರ್ಷಗಳ ನಂತರ ಕೆರೆ ತುಂಬಿರುವುದು ಗ್ರಾಮಸ್ಥರಲ್ಲಿ ಸಂತಸ ಮೂಡಿಸಿದೆ.
ಕುಣಿಗಲ್ ದೊಡ್ಡಕೆರೆ ಕೋಡಿ ಬಿದ್ದಿರುವ ದೃಶ್ಯ
ಹಲವು ವರ್ಷಗಳ ನಂತರ ಕೆರೆ ತುಂಬಿರುವುದು ಸಂತಸ ತಂದಿದೆ. ಕೆರೆಯ ಸುರಕ್ಷತೆಗೆ ಅಧಿಕಾರಿಗಳು ಗಮನ ಹರಿಸಬೇಕು. ಕೋಡಿ ಬಳಿ ಜನರು ಎಚ್ಚರಿಕೆಯಿಂದ ಇರಬೇಕು.
ಗ್ರಾಮಸ್ಥ
ಕುಣಿಗಲ್: ತಾಲೂಕಿನಲ್ಲಿ ಕಳೆದ ಕೆಲ ದಿನಗಳಿಂದ ಸುರಿಯುತ್ತಿರುವ ಉತ್ತಮ ಮಳೆಯಿಂದಾಗಿ ಐತಿಹಾಸಿಕ ಮೂಡಲ್ ಕುಣಿಗಲ್ ದೊಡ್ಡಕೆರೆ ತುಂಬಿ ಕೋಡಿ ಬಿದ್ದಿದೆ. ಕೆರೆ ಕೋಡಿ ಬಿದ್ದಿರುವ ದೃಶ್ಯವನ್ನು ಕಣ್ತುಂಬಿಕೊಳ್ಳಲು ಸುತ್ತಮುತ್ತಲ ಗ್ರಾಮಗಳಿಂದ ಜನರು ಆಗಮಿಸುತ್ತಿದ್ದಾರೆ. ಕೆರೆ ತುಂಬಿರುವುದರಿಂದ ಅಂತರ್ಜಲ ಮಟ್ಟ ಹೆಚ್ಚಾಗಲಿದ್ದು, ರೈತರ ಕೃಷಿ ಚಟುವಟಿಕೆಗಳಿಗೆ ಮರುಜೀವ ಬಂದಿದೆ. ಹಲವು ವರ್ಷಗಳ ನಂತರ ಕೆರೆ ತುಂಬಿರುವುದು ಗ್ರಾಮಸ್ಥರಲ್ಲಿ ಸಂತಸ ಮೂಡಿಸಿದೆ.
